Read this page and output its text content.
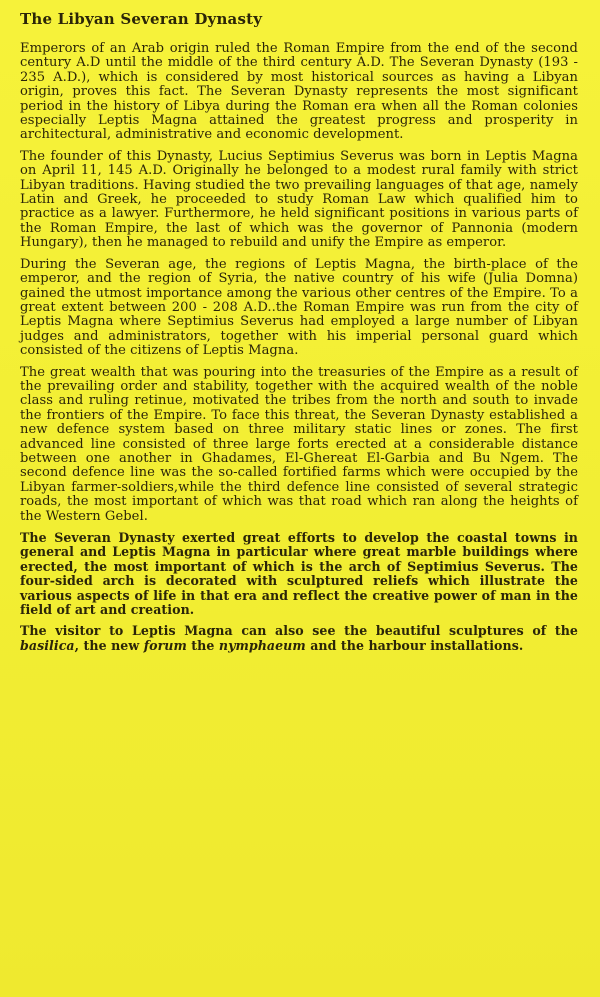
The Libyan Severan Dynasty

Emperors of an Arab origin ruled the Roman Empire from the end of the second century A.D until the middle of the third century A.D. The Severan Dynasty (193 - 235 A.D.), which is considered by most historical sources as having a Libyan origin, proves this fact. The Severan Dynasty represents the most significant period in the history of Libya during the Roman era when all the Roman colonies especially Leptis Magna attained the greatest progress and prosperity in architectural, administrative and economic development.

The founder of this Dynasty, Lucius Septimius Severus was born in Leptis Magna on April 11, 145 A.D. Originally he belonged to a modest rural family with strict Libyan traditions. Having studied the two prevailing languages of that age, namely Latin and Greek, he proceeded to study Roman Law which qualified him to practice as a lawyer. Furthermore, he held significant positions in various parts of the Roman Empire, the last of which was the governor of Pannonia (modern Hungary), then he managed to rebuild and unify the Empire as emperor.

During the Severan age, the regions of Leptis Magna, the birth-place of the emperor, and the region of Syria, the native country of his wife (Julia Domna) gained the utmost importance among the various other centres of the Empire. To a great extent between 200 - 208 A.D..the Roman Empire was run from the city of Leptis Magna where Septimius Severus had employed a large number of Libyan judges and administrators, together with his imperial personal guard which consisted of the citizens of Leptis Magna.

The great wealth that was pouring into the treasuries of the Empire as a result of the prevailing order and stability, together with the acquired wealth of the noble class and ruling retinue, motivated the tribes from the north and south to invade the frontiers of the Empire. To face this threat, the Severan Dynasty established a new defence system based on three military static lines or zones. The first advanced line consisted of three large forts erected at a considerable distance between one another in Ghadames, El-Ghereat El-Garbia and Bu Ngem. The second defence line was the so-called fortified farms which were occupied by the Libyan farmer-soldiers,while the third defence line consisted of several strategic roads, the most important of which was that road which ran along the heights of the Western Gebel.

The Severan Dynasty exerted great efforts to develop the coastal towns in general and Leptis Magna in particular where great marble buildings where erected, the most important of which is the arch of Septimius Severus. The four-sided arch is decorated with sculptured reliefs which illustrate the various aspects of life in that era and reflect the creative power of man in the field of art and creation.

The visitor to Leptis Magna can also see the beautiful sculptures of the basilica, the new forum the nymphaeum and the harbour installations.
